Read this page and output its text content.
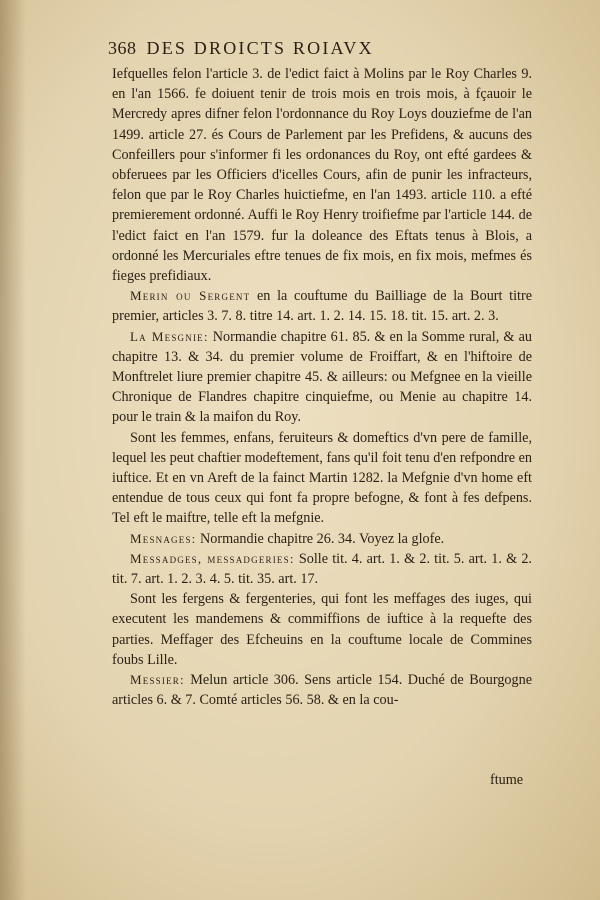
368 DES DROICTS ROIAVX

Iefquelles felon l'article 3. de l'edict faict à Molins par le Roy Charles 9. en l'an 1566. fe doiuent tenir de trois mois en trois mois, à fçauoir le Mercredy apres difner felon l'ordonnance du Roy Loys douziefme de l'an 1499. article 27. és Cours de Parlement par les Prefidens, & aucuns des Confeillers pour s'informer fi les ordonances du Roy, ont efté gardees & obferuees par les Officiers d'icelles Cours, afin de punir les infracteurs, felon que par le Roy Charles huictiefme, en l'an 1493. article 110. a efté premierement ordonné. Auffi le Roy Henry troifiefme par l'article 144. de l'edict faict en l'an 1579. fur la doleance des Eftats tenus à Blois, a ordonné les Mercuriales eftre tenues de fix mois, en fix mois, mefmes és fieges prefidiaux.

Merin ou Sergent en la couftume du Bailliage de la Bourt titre premier, articles 3. 7. 8. titre 14. art. 1. 2. 14. 15. 18. tit. 15. art. 2. 3.

La Mesgnie: Normandie chapitre 61. 85. & en la Somme rural, & au chapitre 13. & 34. du premier volume de Froiffart, & en l'hiftoire de Monftrelet liure premier chapitre 45. & ailleurs: ou Mefgnee en la vieille Chronique de Flandres chapitre cinquiefme, ou Menie au chapitre 14. pour le train & la maifon du Roy.

Sont les femmes, enfans, feruiteurs & domeftics d'vn pere de famille, lequel les peut chaftier modeftement, fans qu'il foit tenu d'en refpondre en iuftice. Et en vn Areft de la fainct Martin 1282. la Mefgnie d'vn home eft entendue de tous ceux qui font fa propre befogne, & font à fes defpens. Tel eft le maiftre, telle eft la mefgnie.

Mesnages: Normandie chapitre 26. 34. Voyez la glofe.

Messadges, messadgeries: Solle tit. 4. art. 1. & 2. tit. 5. art. 1. & 2. tit. 7. art. 1. 2. 3. 4. 5. tit. 35. art. 17.

Sont les fergens & fergenteries, qui font les meffages des iuges, qui executent les mandemens & commiffions de iuftice à la requefte des parties. Meffager des Efcheuins en la couftume locale de Commines foubs Lille.

Messier: Melun article 306. Sens article 154. Duché de Bourgogne articles 6. & 7. Comté articles 56. 58. & en la cou-

ftume
